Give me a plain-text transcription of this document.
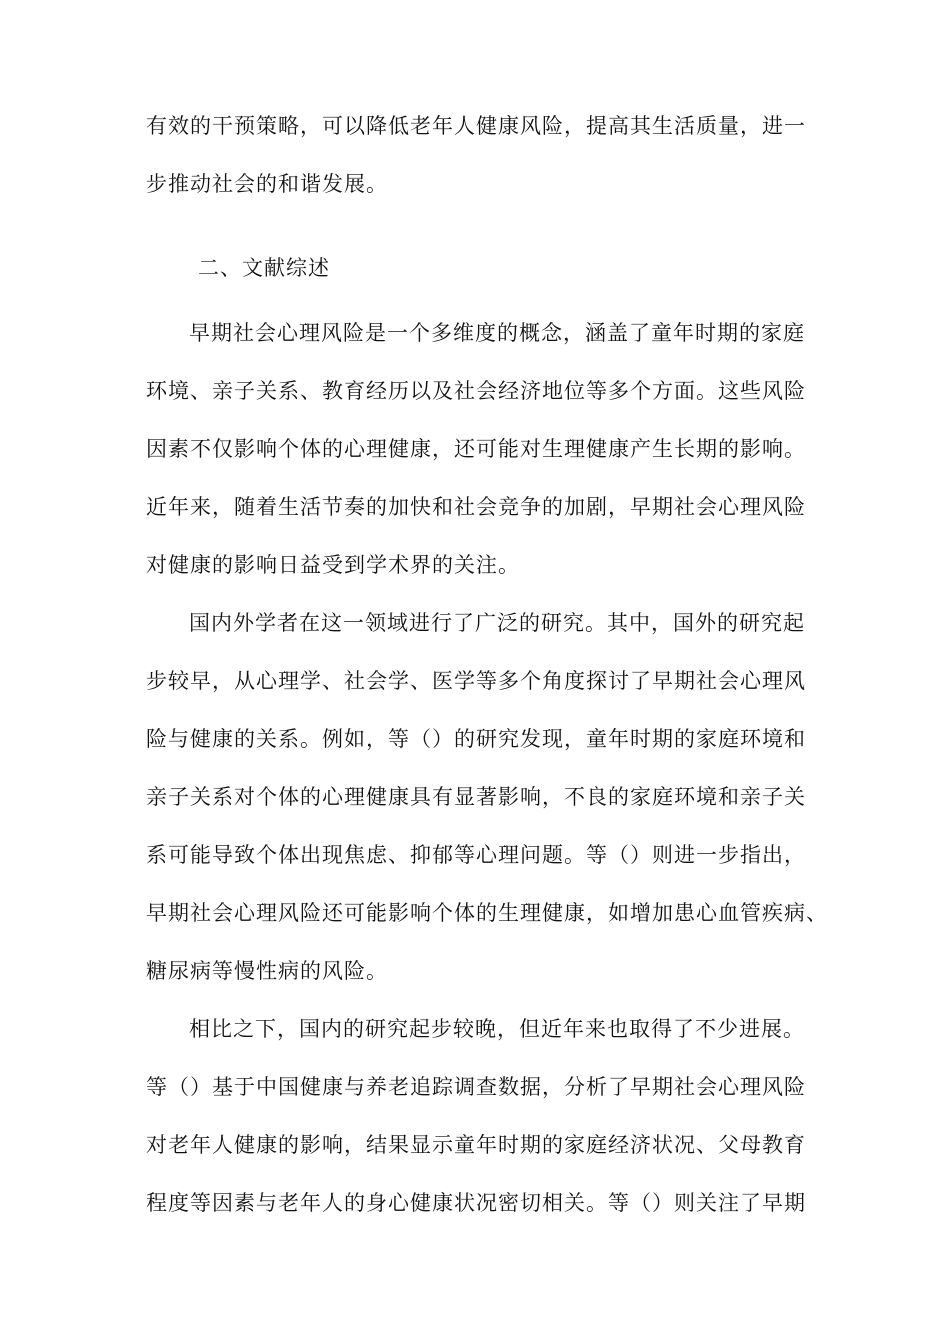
有效的干预策略，可以降低老年人健康风险，提高其生活质量，进一
步推动社会的和谐发展。
二、文献综述
早期社会心理风险是一个多维度的概念，涵盖了童年时期的家庭
环境、亲子关系、教育经历以及社会经济地位等多个方面。这些风险
因素不仅影响个体的心理健康，还可能对生理健康产生长期的影响。
近年来，随着生活节奏的加快和社会竞争的加剧，早期社会心理风险
对健康的影响日益受到学术界的关注。
国内外学者在这一领域进行了广泛的研究。其中，国外的研究起
步较早，从心理学、社会学、医学等多个角度探讨了早期社会心理风
险与健康的关系。例如，等（）的研究发现，童年时期的家庭环境和
亲子关系对个体的心理健康具有显著影响，不良的家庭环境和亲子关
系可能导致个体出现焦虑、抑郁等心理问题。等（）则进一步指出，
早期社会心理风险还可能影响个体的生理健康，如增加患心血管疾病、
糖尿病等慢性病的风险。
相比之下，国内的研究起步较晚，但近年来也取得了不少进展。
等（）基于中国健康与养老追踪调查数据，分析了早期社会心理风险
对老年人健康的影响，结果显示童年时期的家庭经济状况、父母教育
程度等因素与老年人的身心健康状况密切相关。等（）则关注了早期
